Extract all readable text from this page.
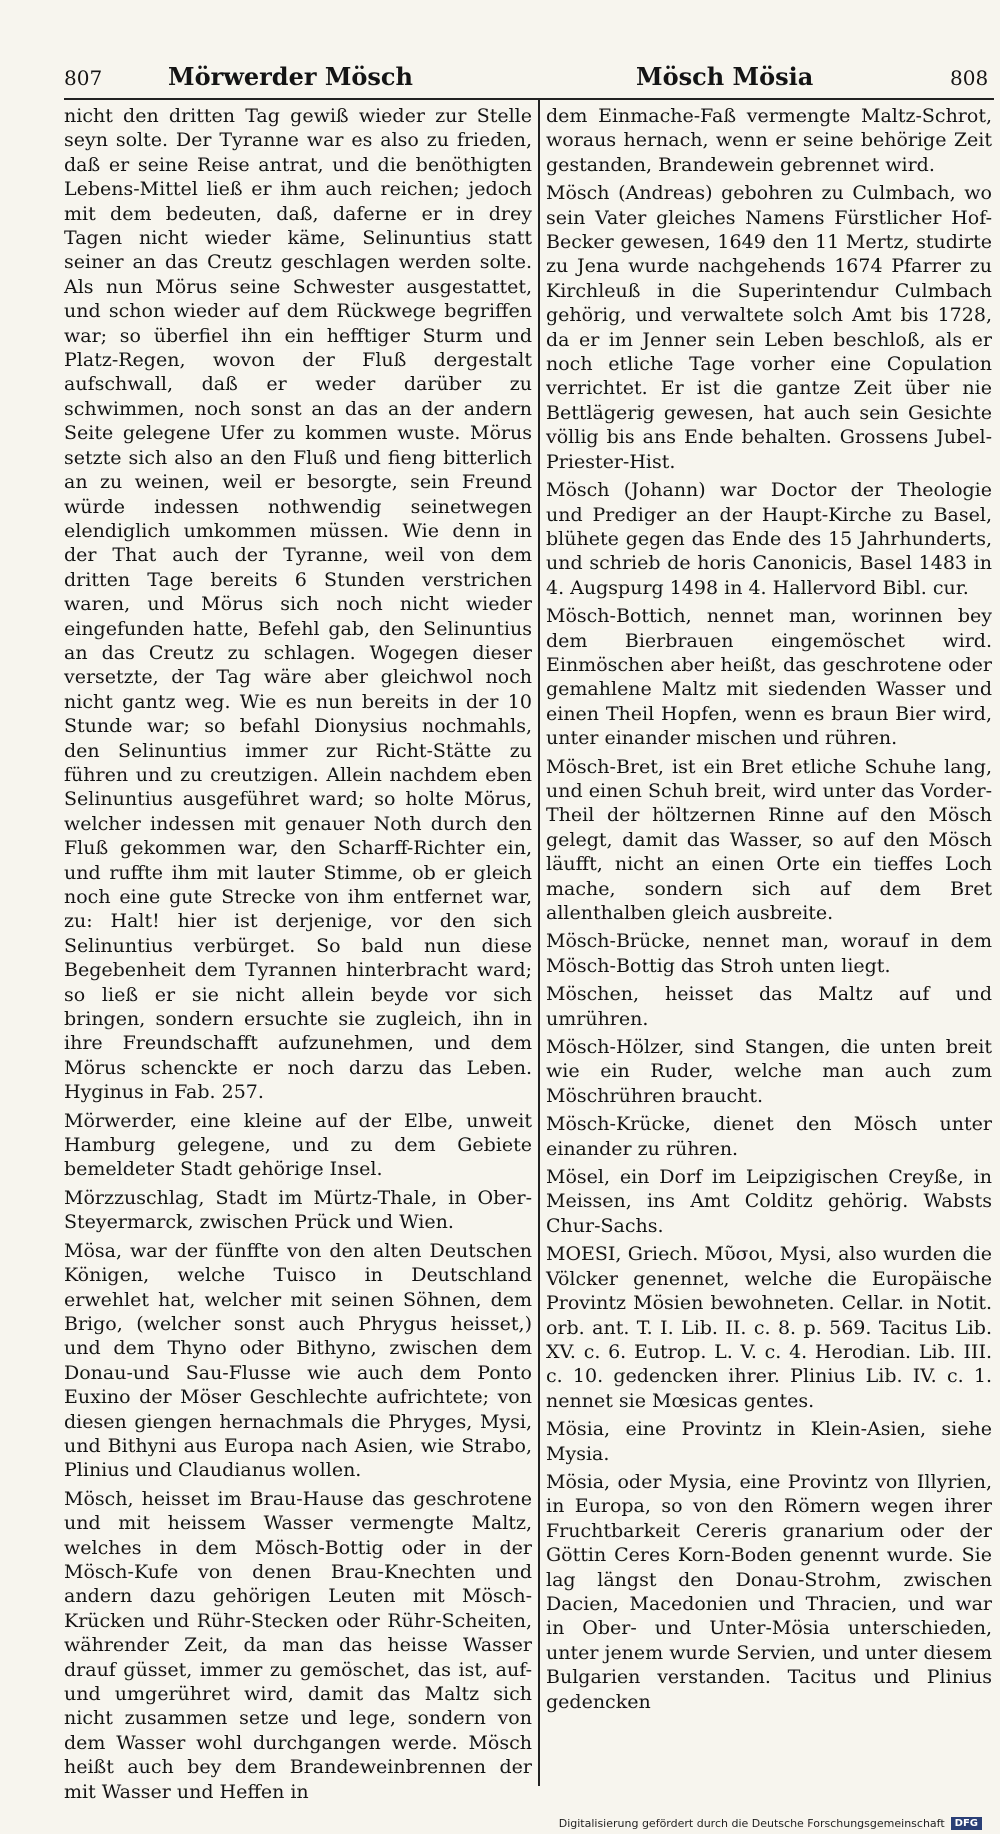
807	Mörwerder Mösch	Mösch Mösia	808

nicht den dritten Tag gewiß wieder zur Stelle seyn solte. Der Tyranne war es also zu frieden, daß er seine Reise antrat, und die benöthigten Lebens-Mittel ließ er ihm auch reichen; jedoch mit dem bedeuten, daß, daferne er in drey Tagen nicht wieder käme, Selinuntius statt seiner an das Creutz geschlagen werden solte. Als nun Mörus seine Schwester ausgestattet, und schon wieder auf dem Rückwege begriffen war; so überfiel ihn ein hefftiger Sturm und Platz-Regen, wovon der Fluß dergestalt aufschwall, daß er weder darüber zu schwimmen, noch sonst an das an der andern Seite gelegene Ufer zu kommen wuste. Mörus setzte sich also an den Fluß und fieng bitterlich an zu weinen, weil er besorgte, sein Freund würde indessen nothwendig seinetwegen elendiglich umkommen müssen. Wie denn in der That auch der Tyranne, weil von dem dritten Tage bereits 6 Stunden verstrichen waren, und Mörus sich noch nicht wieder eingefunden hatte, Befehl gab, den Selinuntius an das Creutz zu schlagen. Wogegen dieser versetzte, der Tag wäre aber gleichwol noch nicht gantz weg. Wie es nun bereits in der 10 Stunde war; so befahl Dionysius nochmahls, den Selinuntius immer zur Richt-Stätte zu führen und zu creutzigen. Allein nachdem eben Selinuntius ausgeführet ward; so holte Mörus, welcher indessen mit genauer Noth durch den Fluß gekommen war, den Scharff-Richter ein, und ruffte ihm mit lauter Stimme, ob er gleich noch eine gute Strecke von ihm entfernet war, zu: Halt! hier ist derjenige, vor den sich Selinuntius verbürget. So bald nun diese Begebenheit dem Tyrannen hinterbracht ward; so ließ er sie nicht allein beyde vor sich bringen, sondern ersuchte sie zugleich, ihn in ihre Freundschafft aufzunehmen, und dem Mörus schenckte er noch darzu das Leben. Hyginus in Fab. 257.

Mörwerder, eine kleine auf der Elbe, unweit Hamburg gelegene, und zu dem Gebiete bemeldeter Stadt gehörige Insel.

Mörzzuschlag, Stadt im Mürtz-Thale, in Ober-Steyermarck, zwischen Prück und Wien.

Mösa, war der fünffte von den alten Deutschen Königen, welche Tuisco in Deutschland erwehlet hat, welcher mit seinen Söhnen, dem Brigo, (welcher sonst auch Phrygus heisset,) und dem Thyno oder Bithyno, zwischen dem Donau-und Sau-Flusse wie auch dem Ponto Euxino der Möser Geschlechte aufrichtete; von diesen giengen hernachmals die Phryges, Mysi, und Bithyni aus Europa nach Asien, wie Strabo, Plinius und Claudianus wollen.

Mösch, heisset im Brau-Hause das geschrotene und mit heissem Wasser vermengte Maltz, welches in dem Mösch-Bottig oder in der Mösch-Kufe von denen Brau-Knechten und andern dazu gehörigen Leuten mit Mösch-Krücken und Rühr-Stecken oder Rühr-Scheiten, währender Zeit, da man das heisse Wasser drauf güsset, immer zu gemöschet, das ist, auf- und umgerühret wird, damit das Maltz sich nicht zusammen setze und lege, sondern von dem Wasser wohl durchgangen werde. Mösch heißt auch bey dem Brandeweinbrennen der mit Wasser und Heffen in

dem Einmache-Faß vermengte Maltz-Schrot, woraus hernach, wenn er seine behörige Zeit gestanden, Brandewein gebrennet wird.

Mösch (Andreas) gebohren zu Culmbach, wo sein Vater gleiches Namens Fürstlicher Hof-Becker gewesen, 1649 den 11 Mertz, studirte zu Jena wurde nachgehends 1674 Pfarrer zu Kirchleuß in die Superintendur Culmbach gehörig, und verwaltete solch Amt bis 1728, da er im Jenner sein Leben beschloß, als er noch etliche Tage vorher eine Copulation verrichtet. Er ist die gantze Zeit über nie Bettlägerig gewesen, hat auch sein Gesichte völlig bis ans Ende behalten. Grossens Jubel-Priester-Hist.

Mösch (Johann) war Doctor der Theologie und Prediger an der Haupt-Kirche zu Basel, blühete gegen das Ende des 15 Jahrhunderts, und schrieb de horis Canonicis, Basel 1483 in 4. Augspurg 1498 in 4. Hallervord Bibl. cur.

Mösch-Bottich, nennet man, worinnen bey dem Bierbrauen eingemöschet wird. Einmöschen aber heißt, das geschrotene oder gemahlene Maltz mit siedenden Wasser und einen Theil Hopfen, wenn es braun Bier wird, unter einander mischen und rühren.

Mösch-Bret, ist ein Bret etliche Schuhe lang, und einen Schuh breit, wird unter das Vorder-Theil der höltzernen Rinne auf den Mösch gelegt, damit das Wasser, so auf den Mösch läufft, nicht an einen Orte ein tieffes Loch mache, sondern sich auf dem Bret allenthalben gleich ausbreite.

Mösch-Brücke, nennet man, worauf in dem Mösch-Bottig das Stroh unten liegt.

Möschen, heisset das Maltz auf und umrühren.

Mösch-Hölzer, sind Stangen, die unten breit wie ein Ruder, welche man auch zum Möschrühren braucht.

Mösch-Krücke, dienet den Mösch unter einander zu rühren.

Mösel, ein Dorf im Leipzigischen Creyße, in Meissen, ins Amt Colditz gehörig. Wabsts Chur-Sachs.

MOESI, Griech. Μῦσοι, Mysi, also wurden die Völcker genennet, welche die Europäische Provintz Mösien bewohneten. Cellar. in Notit. orb. ant. T. I. Lib. II. c. 8. p. 569. Tacitus Lib. XV. c. 6. Eutrop. L. V. c. 4. Herodian. Lib. III. c. 10. gedencken ihrer. Plinius Lib. IV. c. 1. nennet sie Mœsicas gentes.

Mösia, eine Provintz in Klein-Asien, siehe Mysia.

Mösia, oder Mysia, eine Provintz von Illyrien, in Europa, so von den Römern wegen ihrer Fruchtbarkeit Cereris granarium oder der Göttin Ceres Korn-Boden genennt wurde. Sie lag längst den Donau-Strohm, zwischen Dacien, Macedonien und Thracien, und war in Ober- und Unter-Mösia unterschieden, unter jenem wurde Servien, und unter diesem Bulgarien verstanden. Tacitus und Plinius gedencken

Digitalisierung gefördert durch die Deutsche Forschungsgemeinschaft	DFG
